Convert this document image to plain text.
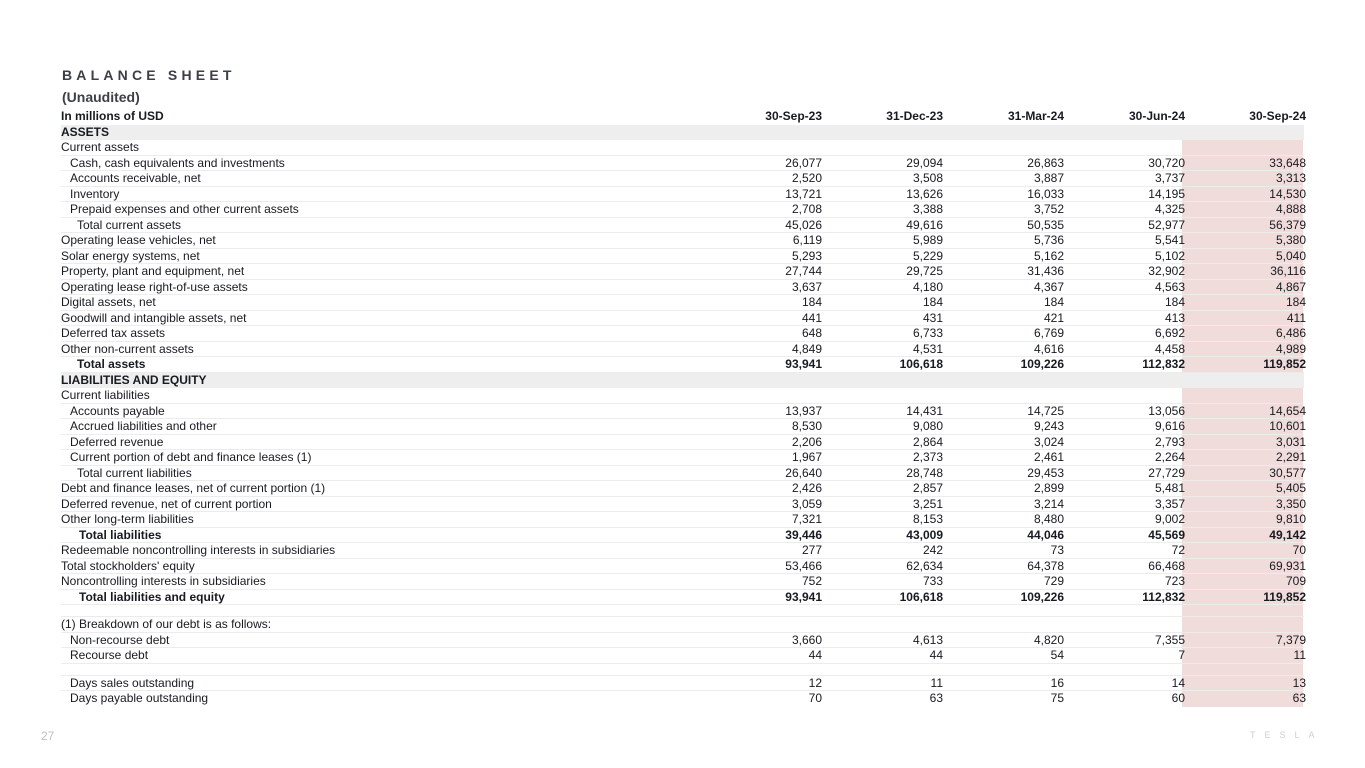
BALANCE SHEET
(Unaudited)
In millions of USD	30-Sep-23	31-Dec-23	31-Mar-24	30-Jun-24	30-Sep-24
ASSETS
Current assets
Cash, cash equivalents and investments	26,077	29,094	26,863	30,720	33,648
Accounts receivable, net	2,520	3,508	3,887	3,737	3,313
Inventory	13,721	13,626	16,033	14,195	14,530
Prepaid expenses and other current assets	2,708	3,388	3,752	4,325	4,888
Total current assets	45,026	49,616	50,535	52,977	56,379
Operating lease vehicles, net	6,119	5,989	5,736	5,541	5,380
Solar energy systems, net	5,293	5,229	5,162	5,102	5,040
Property, plant and equipment, net	27,744	29,725	31,436	32,902	36,116
Operating lease right-of-use assets	3,637	4,180	4,367	4,563	4,867
Digital assets, net	184	184	184	184	184
Goodwill and intangible assets, net	441	431	421	413	411
Deferred tax assets	648	6,733	6,769	6,692	6,486
Other non-current assets	4,849	4,531	4,616	4,458	4,989
Total assets	93,941	106,618	109,226	112,832	119,852
LIABILITIES AND EQUITY
Current liabilities
Accounts payable	13,937	14,431	14,725	13,056	14,654
Accrued liabilities and other	8,530	9,080	9,243	9,616	10,601
Deferred revenue	2,206	2,864	3,024	2,793	3,031
Current portion of debt and finance leases (1)	1,967	2,373	2,461	2,264	2,291
Total current liabilities	26,640	28,748	29,453	27,729	30,577
Debt and finance leases, net of current portion (1)	2,426	2,857	2,899	5,481	5,405
Deferred revenue, net of current portion	3,059	3,251	3,214	3,357	3,350
Other long-term liabilities	7,321	8,153	8,480	9,002	9,810
Total liabilities	39,446	43,009	44,046	45,569	49,142
Redeemable noncontrolling interests in subsidiaries	277	242	73	72	70
Total stockholders' equity	53,466	62,634	64,378	66,468	69,931
Noncontrolling interests in subsidiaries	752	733	729	723	709
Total liabilities and equity	93,941	106,618	109,226	112,832	119,852
(1) Breakdown of our debt is as follows:
Non-recourse debt	3,660	4,613	4,820	7,355	7,379
Recourse debt	44	44	54	7	11
Days sales outstanding	12	11	16	14	13
Days payable outstanding	70	63	75	60	63
27	TESLA
